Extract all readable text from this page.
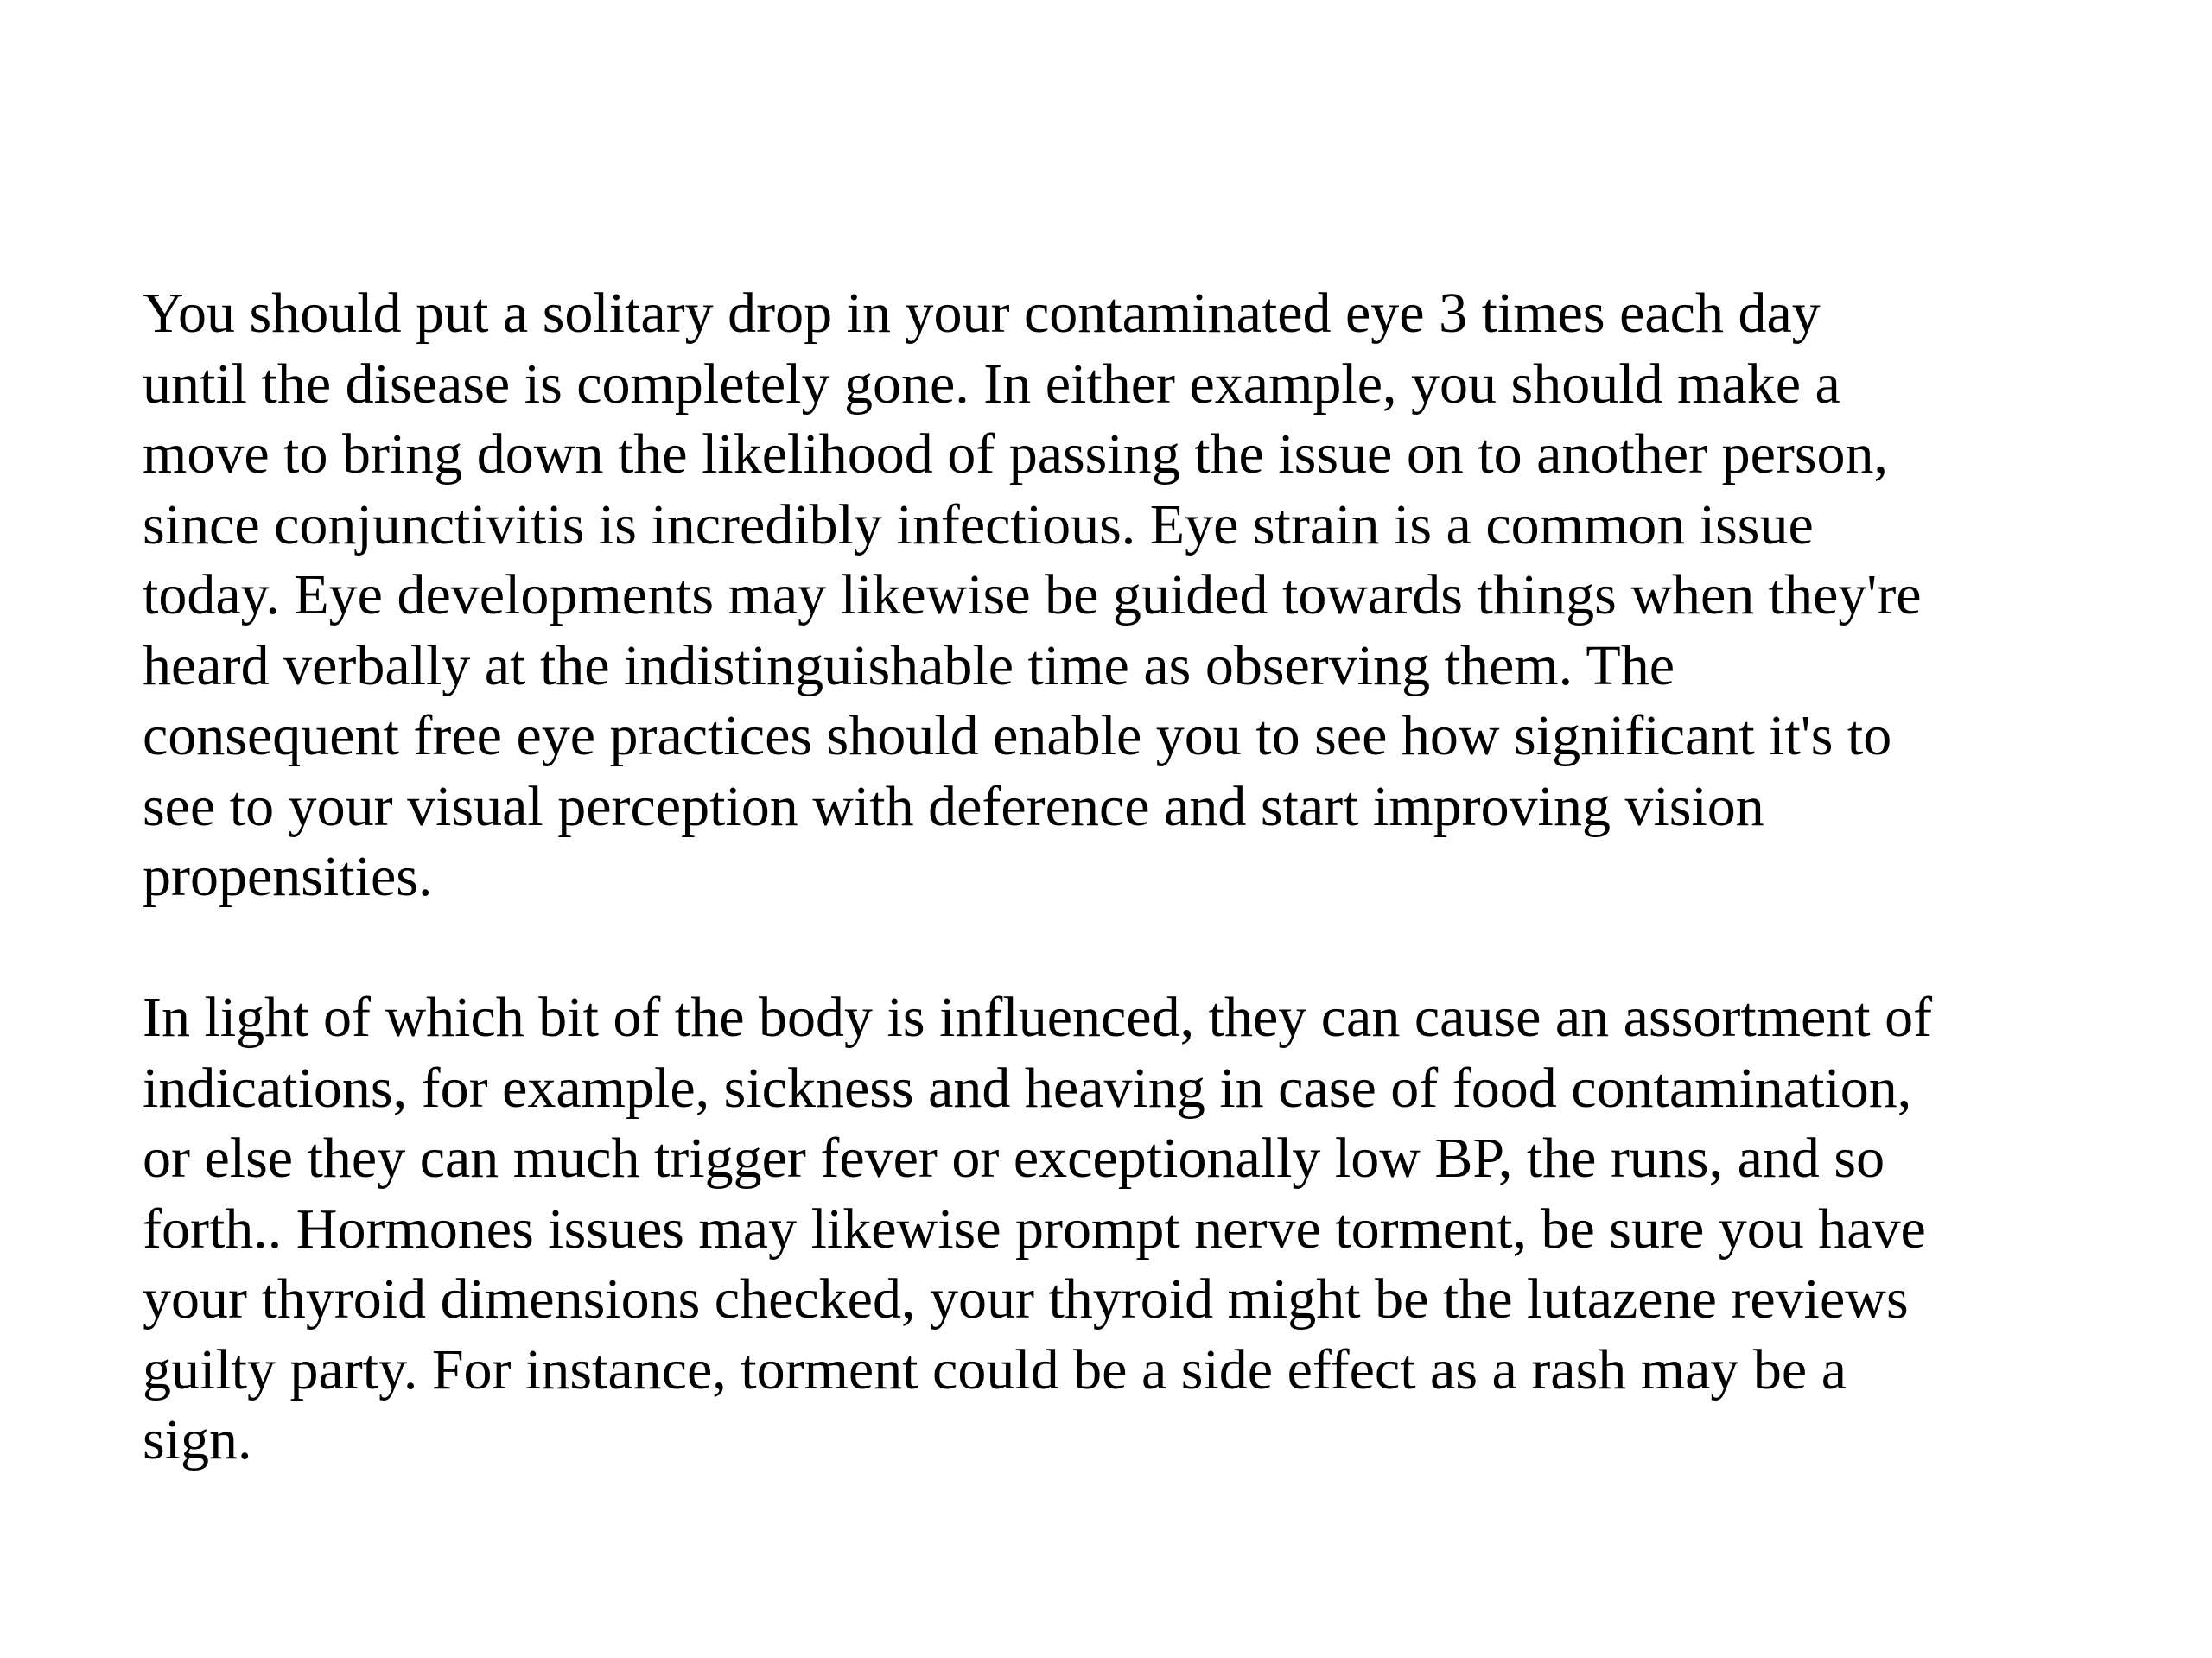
You should put a solitary drop in your contaminated eye 3 times each day
until the disease is completely gone. In either example, you should make a
move to bring down the likelihood of passing the issue on to another person,
since conjunctivitis is incredibly infectious. Eye strain is a common issue
today. Eye developments may likewise be guided towards things when they're
heard verbally at the indistinguishable time as observing them. The
consequent free eye practices should enable you to see how significant it's to
see to your visual perception with deference and start improving vision
propensities.

In light of which bit of the body is influenced, they can cause an assortment of
indications, for example, sickness and heaving in case of food contamination,
or else they can much trigger fever or exceptionally low BP, the runs, and so
forth.. Hormones issues may likewise prompt nerve torment, be sure you have
your thyroid dimensions checked, your thyroid might be the lutazene reviews
guilty party. For instance, torment could be a side effect as a rash may be a
sign.
